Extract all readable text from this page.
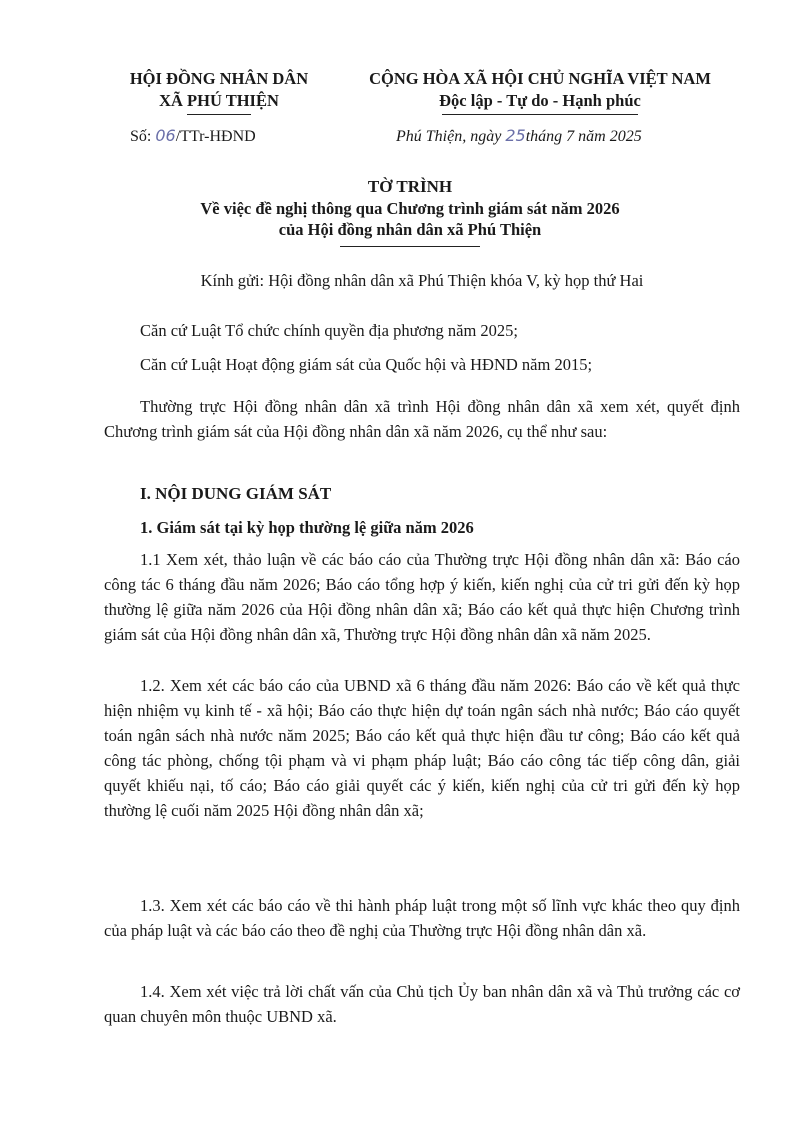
HỘI ĐỒNG NHÂN DÂN
XÃ PHÚ THIỆN
CỘNG HÒA XÃ HỘI CHỦ NGHĨA VIỆT NAM
Độc lập - Tự do - Hạnh phúc
Số: 06/TTr-HĐND	Phú Thiện, ngày 25tháng 7 năm 2025
TỜ TRÌNH
Về việc đề nghị thông qua Chương trình giám sát năm 2026
của Hội đồng nhân dân xã Phú Thiện
Kính gửi: Hội đồng nhân dân xã Phú Thiện khóa V, kỳ họp thứ Hai
Căn cứ Luật Tổ chức chính quyền địa phương năm 2025;
Căn cứ Luật Hoạt động giám sát của Quốc hội và HĐND năm 2015;
Thường trực Hội đồng nhân dân xã trình Hội đồng nhân dân xã xem xét, quyết định Chương trình giám sát của Hội đồng nhân dân xã năm 2026, cụ thể như sau:
I. NỘI DUNG GIÁM SÁT
1. Giám sát tại kỳ họp thường lệ giữa năm 2026
1.1 Xem xét, thảo luận về các báo cáo của Thường trực Hội đồng nhân dân xã: Báo cáo công tác 6 tháng đầu năm 2026; Báo cáo tổng hợp ý kiến, kiến nghị của cử tri gửi đến kỳ họp thường lệ giữa năm 2026 của Hội đồng nhân dân xã; Báo cáo kết quả thực hiện Chương trình giám sát của Hội đồng nhân dân xã, Thường trực Hội đồng nhân dân xã năm 2025.
1.2. Xem xét các báo cáo của UBND xã 6 tháng đầu năm 2026: Báo cáo về kết quả thực hiện nhiệm vụ kinh tế - xã hội; Báo cáo thực hiện dự toán ngân sách nhà nước; Báo cáo quyết toán ngân sách nhà nước năm 2025; Báo cáo kết quả thực hiện đầu tư công; Báo cáo kết quả công tác phòng, chống tội phạm và vi phạm pháp luật; Báo cáo công tác tiếp công dân, giải quyết khiếu nại, tố cáo; Báo cáo giải quyết các ý kiến, kiến nghị của cử tri gửi đến kỳ họp thường lệ cuối năm 2025 Hội đồng nhân dân xã;
1.3. Xem xét các báo cáo về thi hành pháp luật trong một số lĩnh vực khác theo quy định của pháp luật và các báo cáo theo đề nghị của Thường trực Hội đồng nhân dân xã.
1.4. Xem xét việc trả lời chất vấn của Chủ tịch Ủy ban nhân dân xã và Thủ trưởng các cơ quan chuyên môn thuộc UBND xã.
